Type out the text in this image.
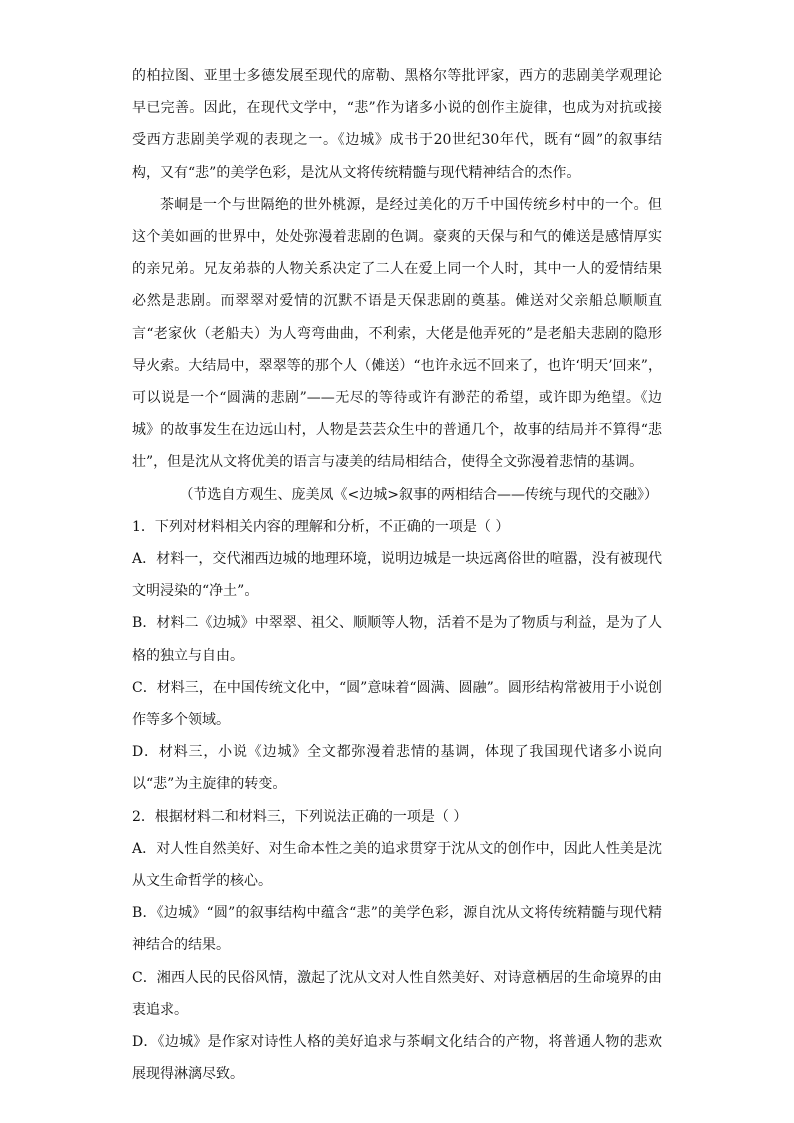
的柏拉图、亚里士多德发展至现代的席勒、黑格尔等批评家，西方的悲剧美学观理论早已完善。因此，在现代文学中，“悲”作为诸多小说的创作主旋律，也成为对抗或接受西方悲剧美学观的表现之一。《边城》成书于20世纪30年代，既有“圆”的叙事结构，又有“悲”的美学色彩，是沈从文将传统精髓与现代精神结合的杰作。

茶峒是一个与世隔绝的世外桃源，是经过美化的万千中国传统乡村中的一个。但这个美如画的世界中，处处弥漫着悲剧的色调。豪爽的天保与和气的傩送是感情厚实的亲兄弟。兄友弟恭的人物关系决定了二人在爱上同一个人时，其中一人的爱情结果必然是悲剧。而翠翠对爱情的沉默不语是天保悲剧的奠基。傩送对父亲船总顺顺直言“老家伙（老船夫）为人弯弯曲曲，不利索，大佬是他弄死的”是老船夫悲剧的隐形导火索。大结局中，翠翠等的那个人（傩送）“也许永远不回来了，也许‘明天’回来”，可以说是一个“圆满的悲剧”——无尽的等待或许有渺茫的希望，或许即为绝望。《边城》的故事发生在边远山村，人物是芸芸众生中的普通几个，故事的结局并不算得“悲壮”，但是沈从文将优美的语言与凄美的结局相结合，使得全文弥漫着悲情的基调。

（节选自方观生、庞美凤《<边城>叙事的两相结合——传统与现代的交融》）

1．下列对材料相关内容的理解和分析，不正确的一项是（ ）

A．材料一，交代湘西边城的地理环境，说明边城是一块远离俗世的喧嚣，没有被现代文明浸染的“净土”。

B．材料二《边城》中翠翠、祖父、顺顺等人物，活着不是为了物质与利益，是为了人格的独立与自由。

C．材料三，在中国传统文化中，“圆”意味着“圆满、圆融”。圆形结构常被用于小说创作等多个领域。

D．材料三，小说《边城》全文都弥漫着悲情的基调，体现了我国现代诸多小说向以“悲”为主旋律的转变。

2．根据材料二和材料三，下列说法正确的一项是（ ）

A．对人性自然美好、对生命本性之美的追求贯穿于沈从文的创作中，因此人性美是沈从文生命哲学的核心。

B．《边城》“圆”的叙事结构中蕴含“悲”的美学色彩，源自沈从文将传统精髓与现代精神结合的结果。

C．湘西人民的民俗风情，激起了沈从文对人性自然美好、对诗意栖居的生命境界的由衷追求。

D．《边城》是作家对诗性人格的美好追求与茶峒文化结合的产物，将普通人物的悲欢展现得淋漓尽致。
